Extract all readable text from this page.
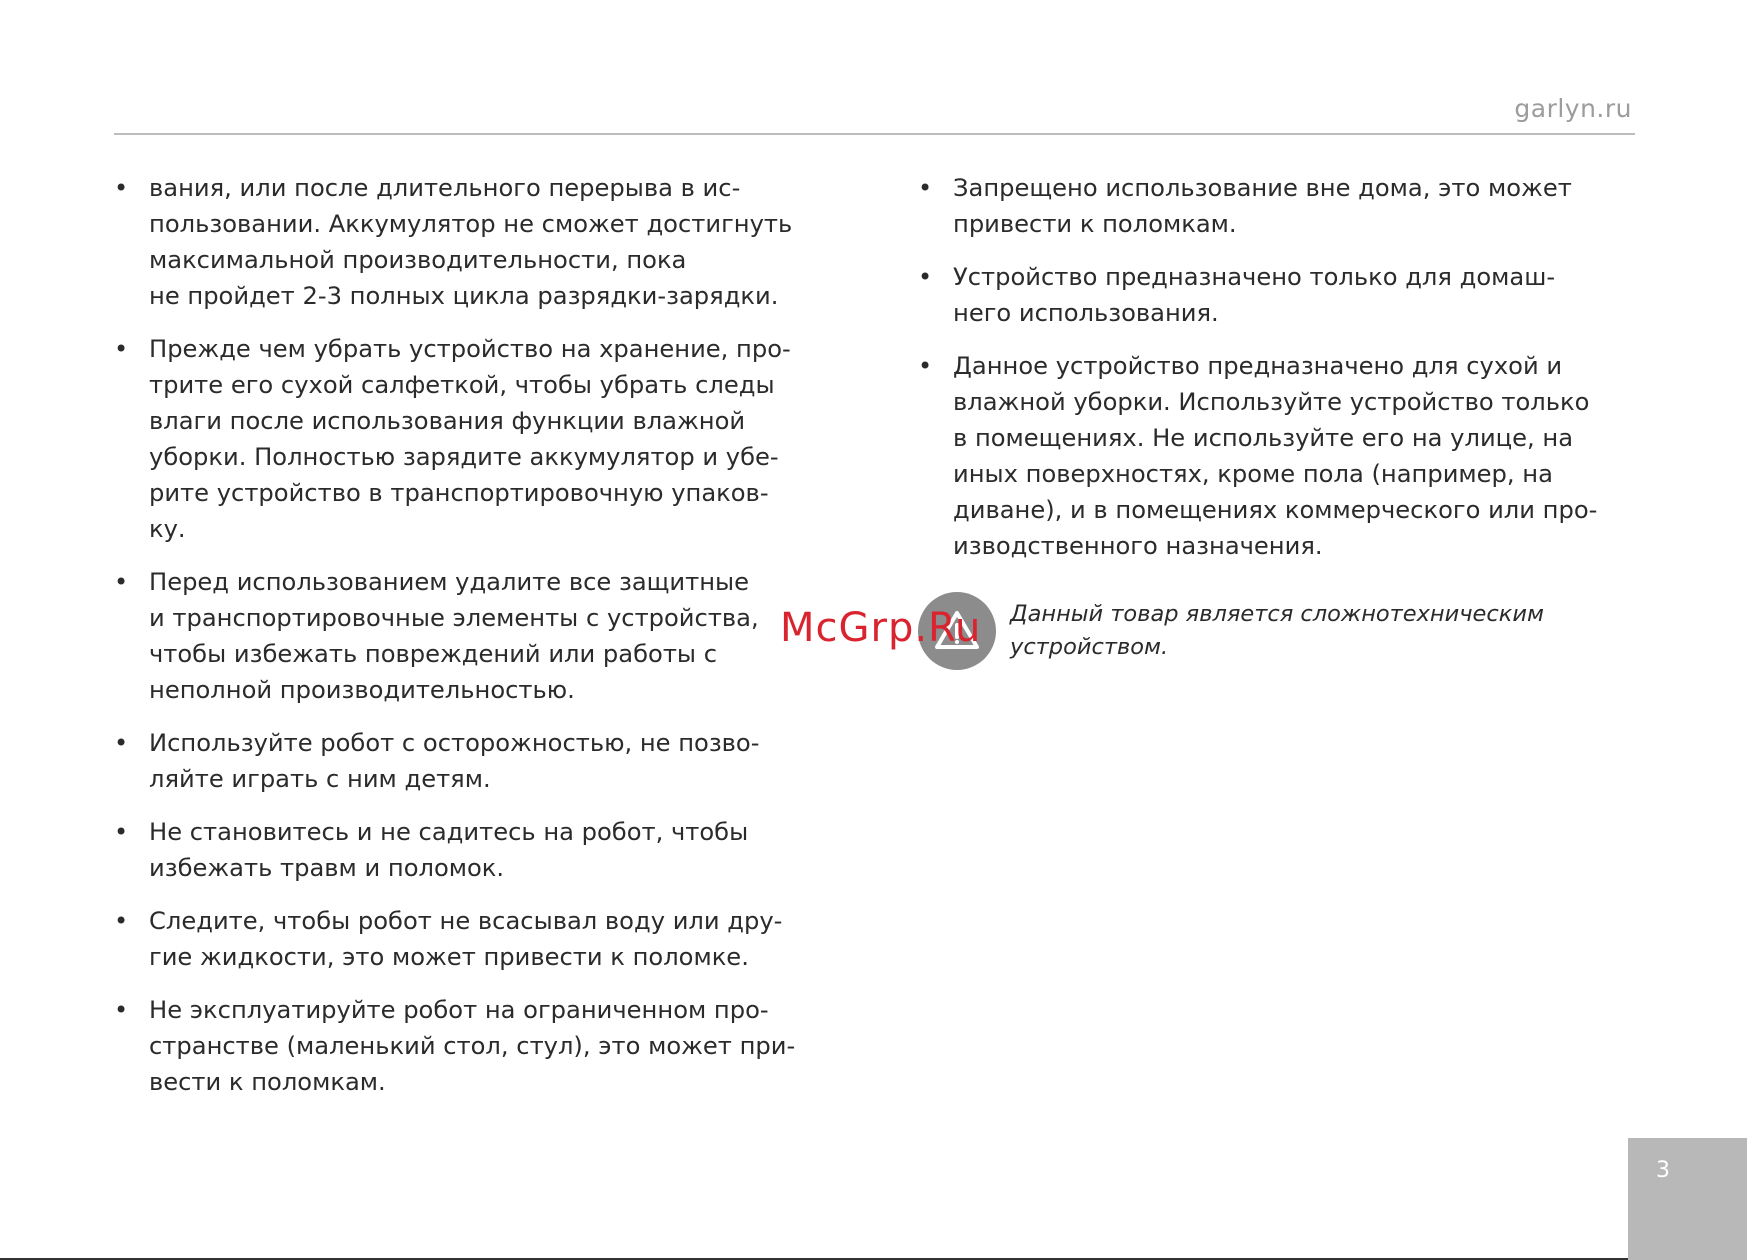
garlyn.ru
• вания, или после длительного перерыва в ис-
пользовании. Аккумулятор не сможет достигнуть
максимальной производительности, пока
не пройдет 2-3 полных цикла разрядки-зарядки.
• Прежде чем убрать устройство на хранение, про-
трите его сухой салфеткой, чтобы убрать следы
влаги после использования функции влажной
уборки. Полностью зарядите аккумулятор и убе-
рите устройство в транспортировочную упаков-
ку.
• Перед использованием удалите все защитные
и транспортировочные элементы с устройства,
чтобы избежать повреждений или работы с
неполной производительностью.
• Используйте робот с осторожностью, не позво-
ляйте играть с ним детям.
• Не становитесь и не садитесь на робот, чтобы
избежать травм и поломок.
• Следите, чтобы робот не всасывал воду или дру-
гие жидкости, это может привести к поломке.
• Не эксплуатируйте робот на ограниченном про-
странстве (маленький стол, стул), это может при-
вести к поломкам.
• Запрещено использование вне дома, это может
привести к поломкам.
• Устройство предназначено только для домаш-
него использования.
• Данное устройство предназначено для сухой и
влажной уборки. Используйте устройство только
в помещениях. Не используйте его на улице, на
иных поверхностях, кроме пола (например, на
диване), и в помещениях коммерческого или про-
изводственного назначения.
Данный товар является сложнотехническим
устройством.
McGrp.Ru
3
